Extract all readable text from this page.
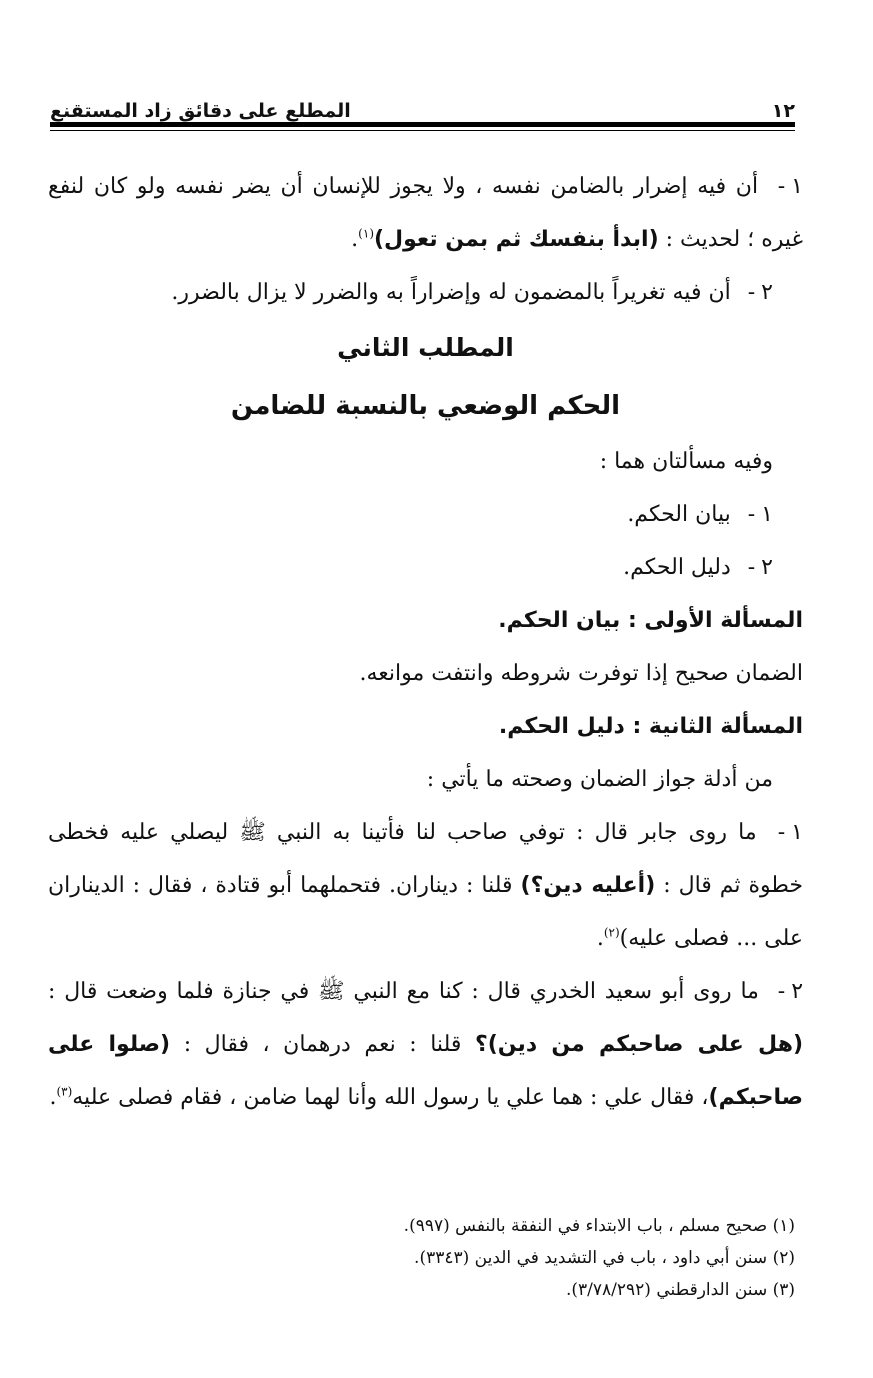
١٢
المطلع على دقائق زاد المستقنع

١- أن فيه إضرار بالضامن نفسه ، ولا يجوز للإنسان أن يضر نفسه ولو كان لنفع غيره ؛ لحديث : (ابدأ بنفسك ثم بمن تعول)$^{(١)}$.

٢- أن فيه تغريراً بالمضمون له وإضراراً به والضرر لا يزال بالضرر.

المطلب الثاني

الحكم الوضعي بالنسبة للضامن

وفيه مسألتان هما :

١- بيان الحكم.

٢- دليل الحكم.

المسألة الأولى : بيان الحكم.

الضمان صحيح إذا توفرت شروطه وانتفت موانعه.

المسألة الثانية : دليل الحكم.

من أدلة جواز الضمان وصحته ما يأتي :

١- ما روى جابر قال : توفي صاحب لنا فأتينا به النبي ﷺ ليصلي عليه فخطى خطوة ثم قال : (أعليه دين؟) قلنا : ديناران. فتحملهما أبو قتادة ، فقال : الديناران على ... فصلى عليه)$^{(٢)}$.

٢- ما روى أبو سعيد الخدري قال : كنا مع النبي ﷺ في جنازة فلما وضعت قال : (هل على صاحبكم من دين)؟ قلنا : نعم درهمان ، فقال : (صلوا على صاحبكم)، فقال علي : هما علي يا رسول الله وأنا لهما ضامن ، فقام فصلى عليه$^{(٣)}$.

(١) صحيح مسلم ، باب الابتداء في النفقة بالنفس (٩٩٧).

(٢) سنن أبي داود ، باب في التشديد في الدين (٣٣٤٣).

(٣) سنن الدارقطني (٣/٧٨/٢٩٢).
